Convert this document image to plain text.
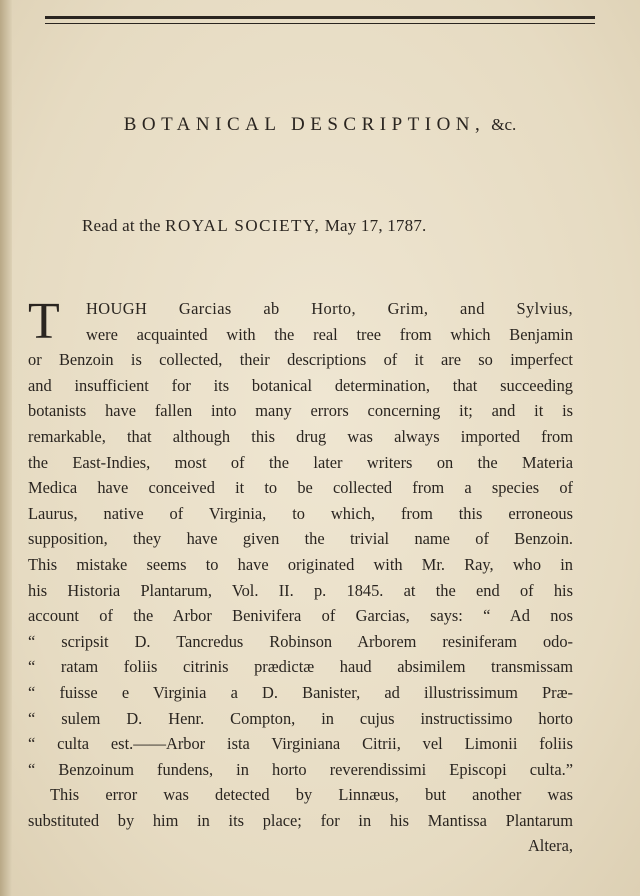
BOTANICAL DESCRIPTION, &c.
Read at the ROYAL SOCIETY, May 17, 1787.
T	HOUGH Garcias ab Horto, Grim, and Sylvius,
were acquainted with the real tree from which Benjamin
or Benzoin is collected, their descriptions of it are so imperfect
and insufficient for its botanical determination, that succeeding
botanists have fallen into many errors concerning it; and it is
remarkable, that although this drug was always imported from
the East-Indies, most of the later writers on the Materia
Medica have conceived it to be collected from a species of
Laurus, native of Virginia, to which, from this erroneous
supposition, they have given the trivial name of Benzoin.
This mistake seems to have originated with Mr. Ray, who in
his Historia Plantarum, Vol. II. p. 1845. at the end of his
account of the Arbor Benivifera of Garcias, says: “ Ad nos
“ scripsit D. Tancredus Robinson Arborem resiniferam odo-
“ ratam foliis citrinis prædictæ haud absimilem transmissam
“ fuisse e Virginia a D. Banister, ad illustrissimum Præ-
“ sulem D. Henr. Compton, in cujus instructissimo horto
“ culta est.——Arbor ista Virginiana Citrii, vel Limonii foliis
“ Benzoinum fundens, in horto reverendissimi Episcopi culta.”
This error was detected by Linnæus, but another was
substituted by him in its place; for in his Mantissa Plantarum
Altera,
